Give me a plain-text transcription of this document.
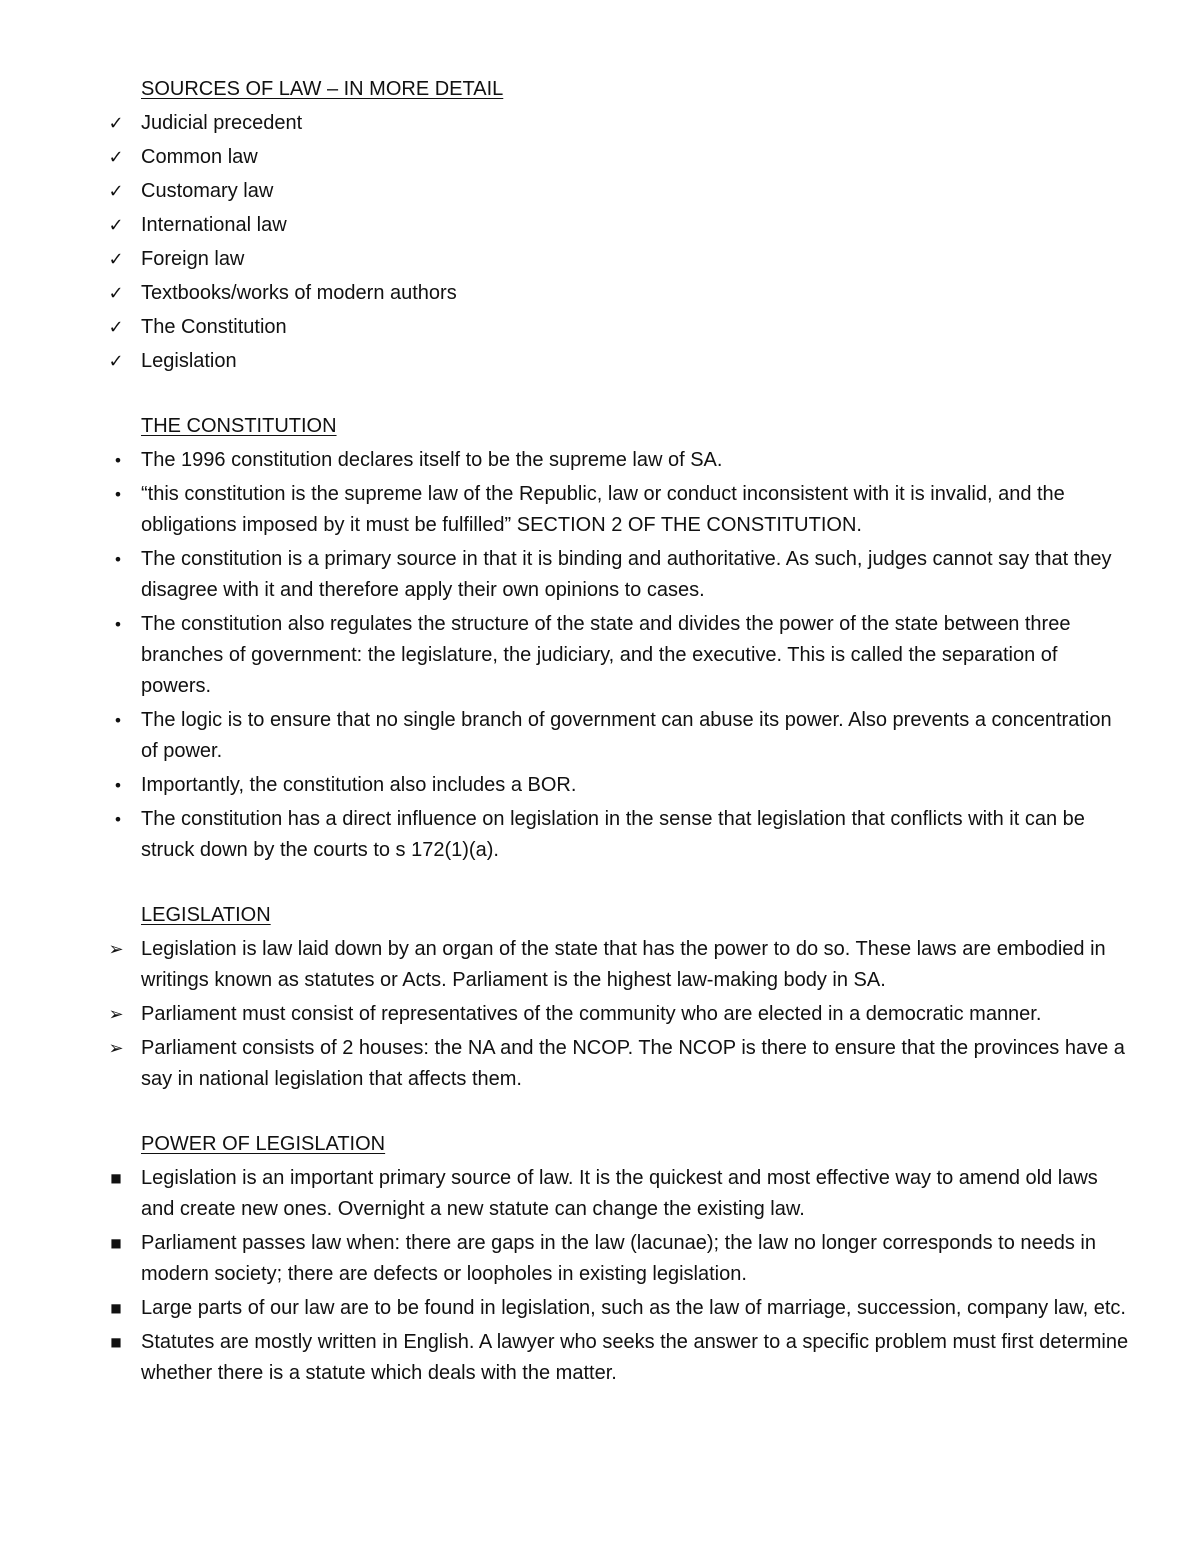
SOURCES OF LAW – IN MORE DETAIL
✓ Judicial precedent
✓ Common law
✓ Customary law
✓ International law
✓ Foreign law
✓ Textbooks/works of modern authors
✓ The Constitution
✓ Legislation
THE CONSTITUTION
• The 1996 constitution declares itself to be the supreme law of SA.
• “this constitution is the supreme law of the Republic, law or conduct inconsistent with it is invalid, and the obligations imposed by it must be fulfilled” SECTION 2 OF THE CONSTITUTION.
• The constitution is a primary source in that it is binding and authoritative. As such, judges cannot say that they disagree with it and therefore apply their own opinions to cases.
• The constitution also regulates the structure of the state and divides the power of the state between three branches of government: the legislature, the judiciary, and the executive. This is called the separation of powers.
• The logic is to ensure that no single branch of government can abuse its power. Also prevents a concentration of power.
• Importantly, the constitution also includes a BOR.
• The constitution has a direct influence on legislation in the sense that legislation that conflicts with it can be struck down by the courts to s 172(1)(a).
LEGISLATION
➢ Legislation is law laid down by an organ of the state that has the power to do so. These laws are embodied in writings known as statutes or Acts. Parliament is the highest law-making body in SA.
➢ Parliament must consist of representatives of the community who are elected in a democratic manner.
➢ Parliament consists of 2 houses: the NA and the NCOP. The NCOP is there to ensure that the provinces have a say in national legislation that affects them.
POWER OF LEGISLATION
■ Legislation is an important primary source of law. It is the quickest and most effective way to amend old laws and create new ones. Overnight a new statute can change the existing law.
■ Parliament passes law when: there are gaps in the law (lacunae); the law no longer corresponds to needs in modern society; there are defects or loopholes in existing legislation.
■ Large parts of our law are to be found in legislation, such as the law of marriage, succession, company law, etc.
■ Statutes are mostly written in English. A lawyer who seeks the answer to a specific problem must first determine whether there is a statute which deals with the matter.
